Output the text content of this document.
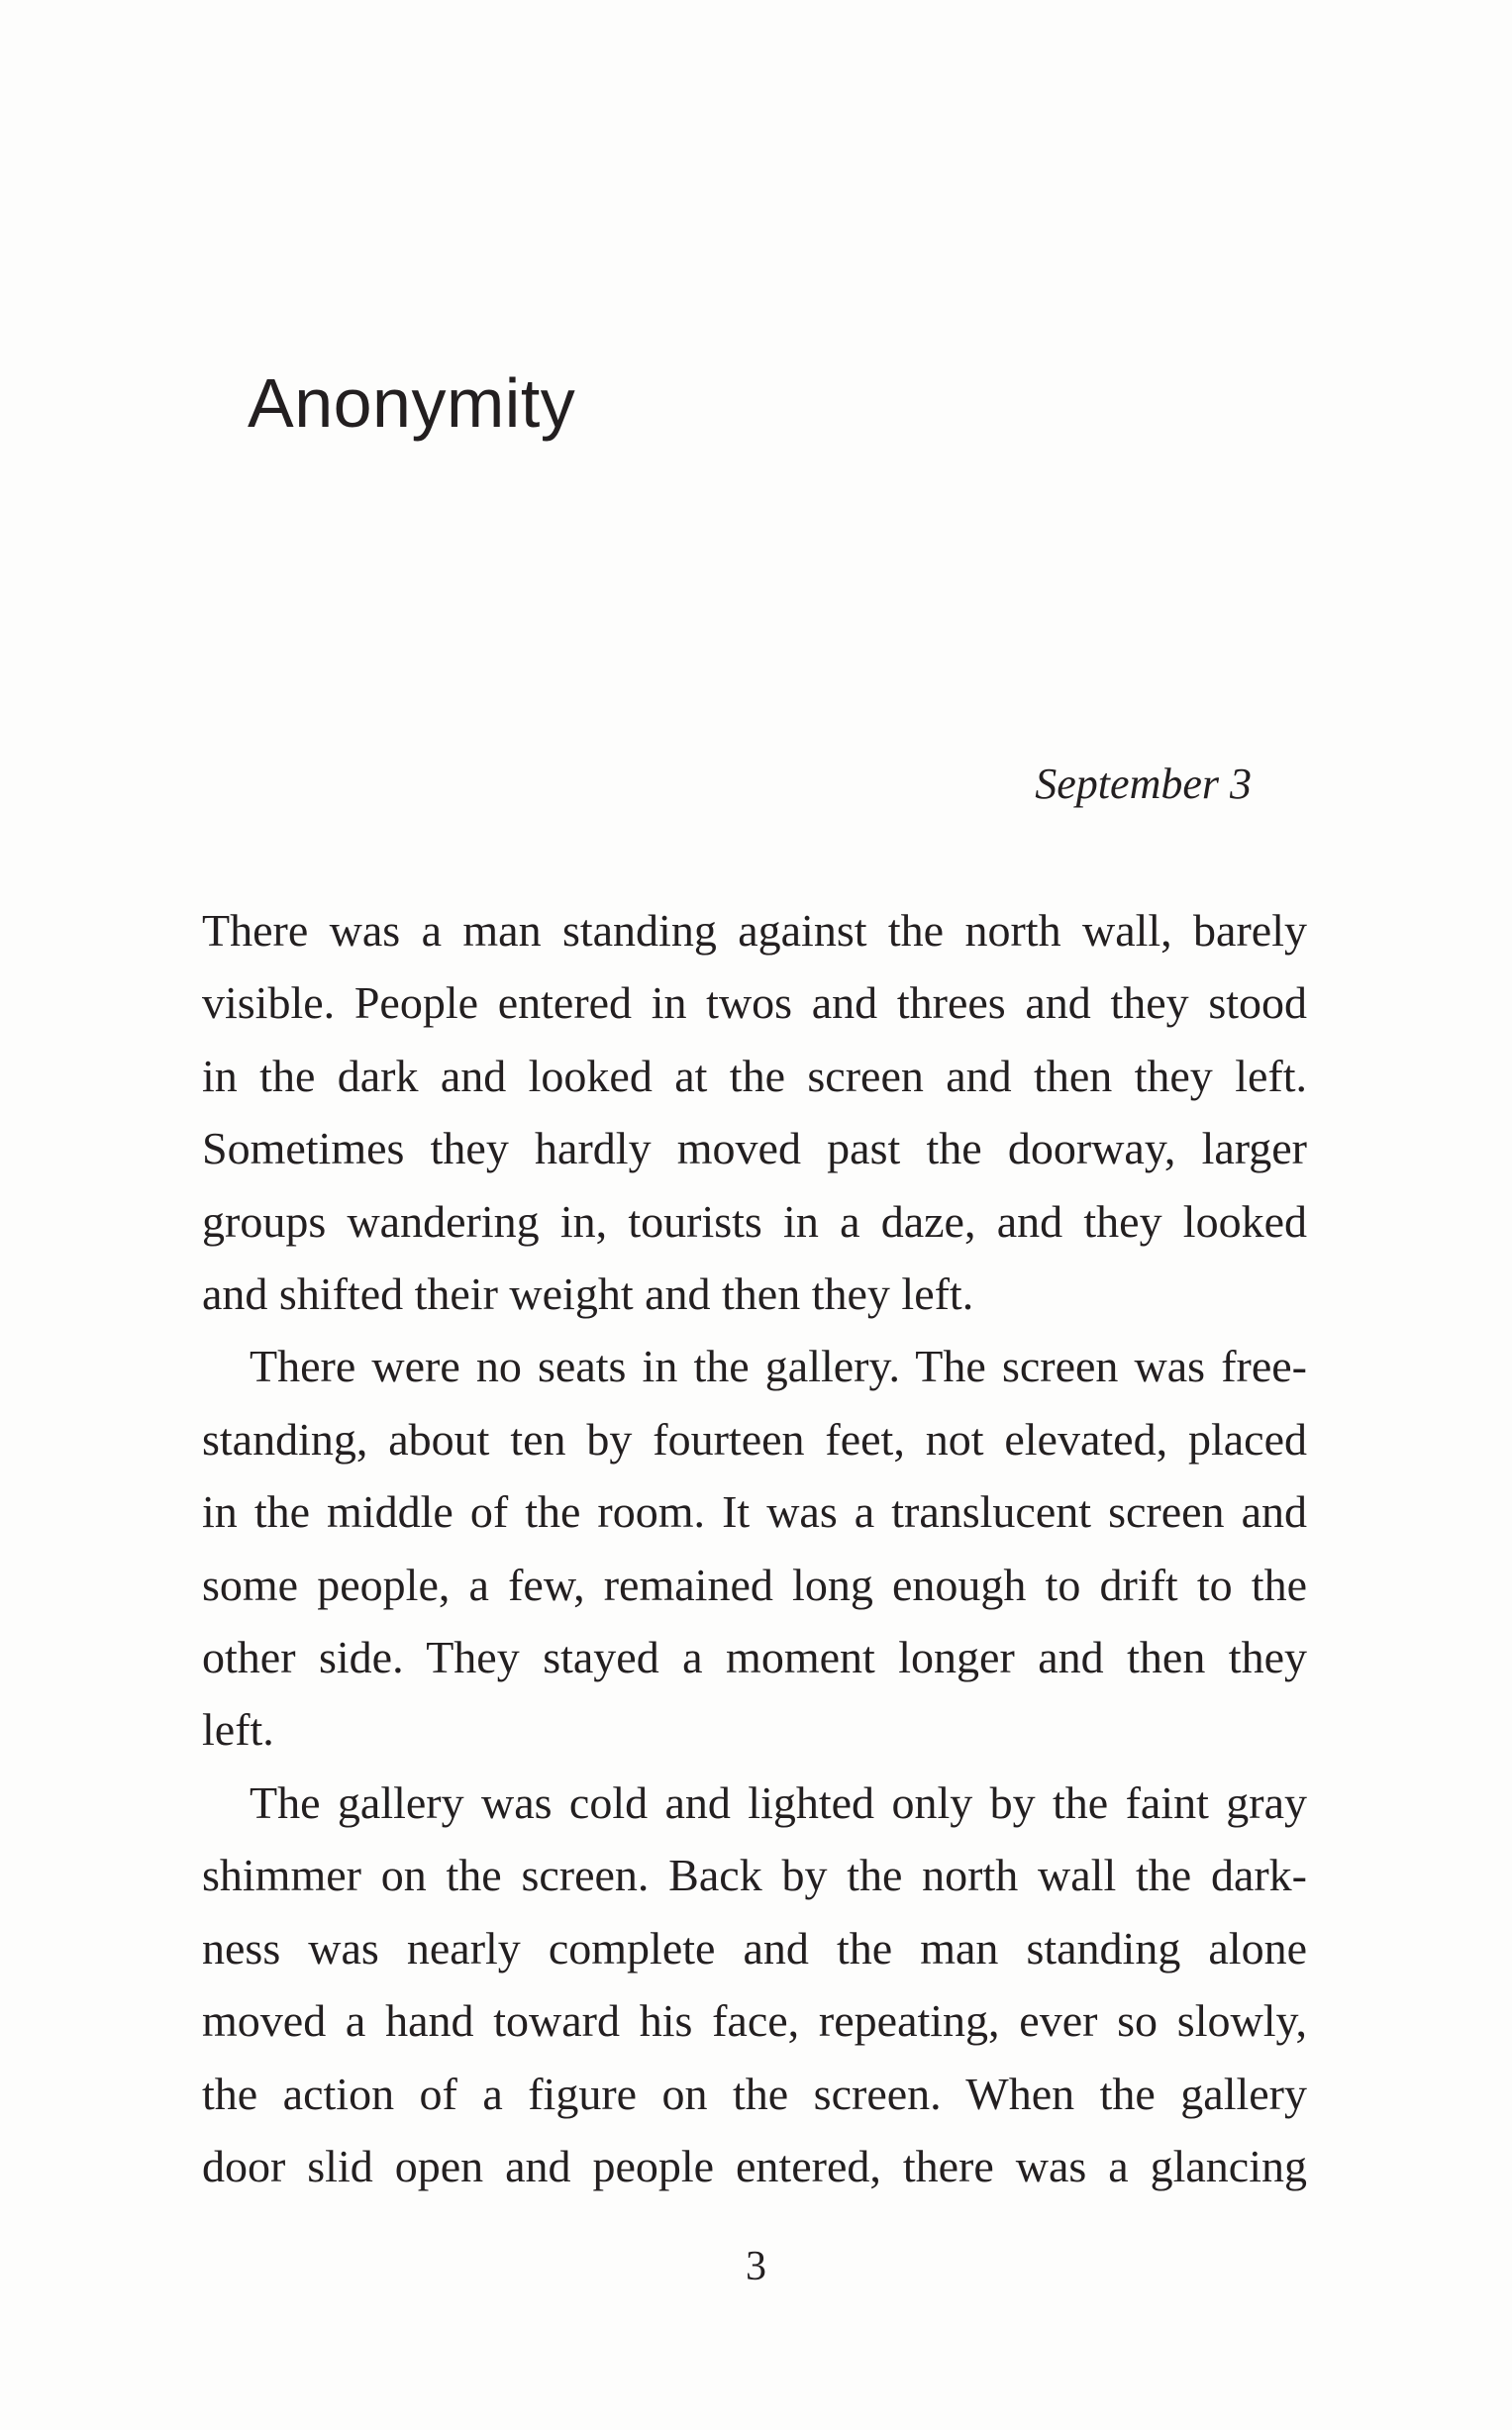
Anonymity

September 3

There was a man standing against the north wall, barely
visible. People entered in twos and threes and they stood
in the dark and looked at the screen and then they left.
Sometimes they hardly moved past the doorway, larger
groups wandering in, tourists in a daze, and they looked
and shifted their weight and then they left.

There were no seats in the gallery. The screen was free-
standing, about ten by fourteen feet, not elevated, placed
in the middle of the room. It was a translucent screen and
some people, a few, remained long enough to drift to the
other side. They stayed a moment longer and then they
left.

The gallery was cold and lighted only by the faint gray
shimmer on the screen. Back by the north wall the dark-
ness was nearly complete and the man standing alone
moved a hand toward his face, repeating, ever so slowly,
the action of a figure on the screen. When the gallery
door slid open and people entered, there was a glancing

3
